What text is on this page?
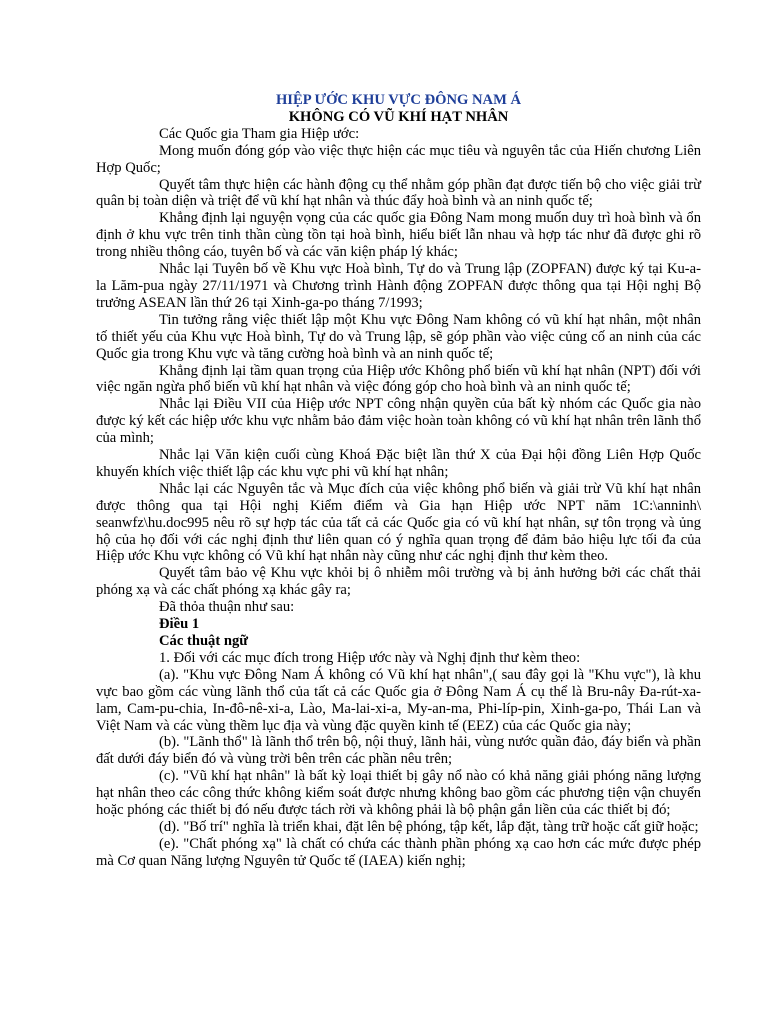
HIỆP ƯỚC KHU VỰC ĐÔNG NAM Á
KHÔNG CÓ VŨ KHÍ HẠT NHÂN

Các Quốc gia Tham gia Hiệp ước:

Mong muốn đóng góp vào việc thực hiện các mục tiêu và nguyên tắc của Hiến chương Liên Hợp Quốc;

Quyết tâm thực hiện các hành động cụ thể nhằm góp phần đạt được tiến bộ cho việc giải trừ quân bị toàn diện và triệt để vũ khí hạt nhân và thúc đẩy hoà bình và an ninh quốc tế;

Khẳng định lại nguyện vọng của các quốc gia Đông Nam mong muốn duy trì hoà bình và ổn định ở khu vực trên tinh thần cùng tồn tại hoà bình, hiểu biết lẫn nhau và hợp tác như đã được ghi rõ trong nhiều thông cáo, tuyên bố và các văn kiện pháp lý khác;

Nhắc lại Tuyên bố về Khu vực Hoà bình, Tự do và Trung lập (ZOPFAN) được ký tại Ku-a-la Lăm-pua ngày 27/11/1971 và Chương trình Hành động ZOPFAN được thông qua tại Hội nghị Bộ trưởng ASEAN lần thứ 26 tại Xinh-ga-po tháng 7/1993;

Tin tưởng rằng việc thiết lập một Khu vực Đông Nam không có vũ khí hạt nhân, một nhân tố thiết yếu của Khu vực Hoà bình, Tự do và Trung lập, sẽ góp phần vào việc củng cố an ninh của các Quốc gia trong Khu vực và tăng cường hoà bình và an ninh quốc tế;

Khẳng định lại tầm quan trọng của Hiệp ước Không phổ biến vũ khí hạt nhân (NPT) đối với việc ngăn ngừa phổ biến vũ khí hạt nhân và việc đóng góp cho hoà bình và an ninh quốc tế;

Nhắc lại Điều VII của Hiệp ước NPT công nhận quyền của bất kỳ nhóm các Quốc gia nào được ký kết các hiệp ước khu vực nhằm bảo đảm việc hoàn toàn không có vũ khí hạt nhân trên lãnh thổ của mình;

Nhắc lại Văn kiện cuối cùng Khoá Đặc biệt lần thứ X của Đại hội đồng Liên Hợp Quốc khuyến khích việc thiết lập các khu vực phi vũ khí hạt nhân;

Nhắc lại các Nguyên tắc và Mục đích của việc không phổ biến và giải trừ Vũ khí hạt nhân được thông qua tại Hội nghị Kiểm điểm và Gia hạn Hiệp ước NPT năm 1C:\anninh\ seanwfz\hu.doc995 nêu rõ sự hợp tác của tất cả các Quốc gia có vũ khí hạt nhân, sự tôn trọng và ủng hộ của họ đối với các nghị định thư liên quan có ý nghĩa quan trọng để đảm bảo hiệu lực tối đa của Hiệp ước Khu vực không có Vũ khí hạt nhân này cũng như các nghị định thư kèm theo.

Quyết tâm bảo vệ Khu vực khỏi bị ô nhiễm môi trường và bị ảnh hưởng bởi các chất thải phóng xạ và các chất phóng xạ khác gây ra;

Đã thỏa thuận như sau:

Điều 1

Các thuật ngữ

1. Đối với các mục đích trong Hiệp ước này và Nghị định thư kèm theo:

(a). "Khu vực Đông Nam Á không có Vũ khí hạt nhân",( sau đây gọi là "Khu vực"), là khu vực bao gồm các vùng lãnh thổ của tất cả các Quốc gia ở Đông Nam Á cụ thể là Bru-nây Đa-rút-xa-lam, Cam-pu-chia, In-đô-nê-xi-a, Lào, Ma-lai-xi-a, My-an-ma, Phi-líp-pin, Xinh-ga-po, Thái Lan và Việt Nam và các vùng thềm lục địa và vùng đặc quyền kinh tế (EEZ) của các Quốc gia này;

(b). "Lãnh thổ" là lãnh thổ trên bộ, nội thuỷ, lãnh hải, vùng nước quần đảo, đáy biển và phần đất dưới đáy biển đó và vùng trời bên trên các phần nêu trên;

(c). "Vũ khí hạt nhân" là bất kỳ loại thiết bị gây nổ nào có khả năng giải phóng năng lượng hạt nhân theo các công thức không kiểm soát được nhưng không bao gồm các phương tiện vận chuyển hoặc phóng các thiết bị đó nếu được tách rời và không phải là bộ phận gắn liền của các thiết bị đó;

(d). "Bố trí" nghĩa là triển khai, đặt lên bệ phóng, tập kết, lắp đặt, tàng trữ hoặc cất giữ hoặc;

(e). "Chất phóng xạ" là chất có chứa các thành phần phóng xạ cao hơn các mức được phép mà Cơ quan Năng lượng Nguyên tử Quốc tế (IAEA) kiến nghị;
